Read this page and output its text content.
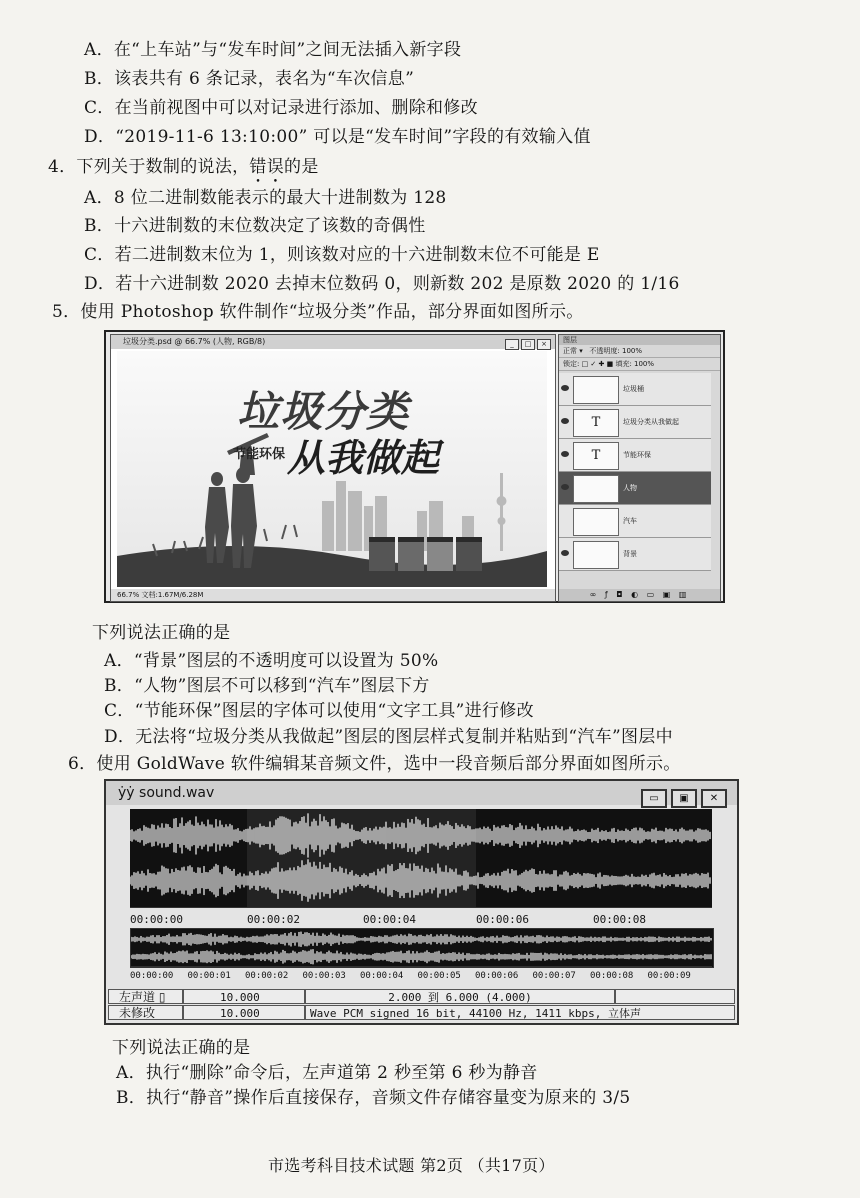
A．在“上车站”与“发车时间”之间无法插入新字段
B．该表共有 6 条记录，表名为“车次信息”
C．在当前视图中可以对记录进行添加、删除和修改
D．“2019-11-6 13:10:00” 可以是“发车时间”字段的有效输入值
4．下列关于数制的说法，错误的是
A．8 位二进制数能表示的最大十进制数为 128
B．十六进制数的末位数决定了该数的奇偶性
C．若二进制数末位为 1，则该数对应的十六进制数末位不可能是 E
D．若十六进制数 2020 去掉末位数码 0，则新数 202 是原数 2020 的 1/16
5．使用 Photoshop 软件制作“垃圾分类”作品，部分界面如图所示。
垃圾分类.psd @ 66.7% (人物, RGB/8)	_ □ ×
垃圾分类
节能环保 从我做起
66.7% 文档:1.67M/6.28M
图层
正常 ▾   不透明度: 100%
锁定: □ ✓ ✚ ■ 填充: 100%
垃圾桶
T	垃圾分类从我做起
T	节能环保
人物
汽车
背景
∞ ƒ ◘ ◐ ▭ ▣ ▥
下列说法正确的是
A．“背景”图层的不透明度可以设置为 50%
B．“人物”图层不可以移到“汽车”图层下方
C．“节能环保”图层的字体可以使用“文字工具”进行修改
D．无法将“垃圾分类从我做起”图层的图层样式复制并粘贴到“汽车”图层中
6．使用 GoldWave 软件编辑某音频文件，选中一段音频后部分界面如图所示。
ẏẏ sound.wav	▭ ▣ ✕
00:00:00	00:00:02	00:00:04	00:00:06	00:00:08
00:00:00 00:00:01 00:00:02 00:00:03 00:00:04 00:00:05 00:00:06 00:00:07 00:00:08 00:00:09
左声道 ▯	10.000	2.000 到 6.000 (4.000)
未修改	10.000	Wave PCM signed 16 bit, 44100 Hz, 1411 kbps, 立体声
下列说法正确的是
A．执行“删除”命令后，左声道第 2 秒至第 6 秒为静音
B．执行“静音”操作后直接保存，音频文件存储容量变为原来的 3/5
市选考科目技术试题 第2页 （共17页）
